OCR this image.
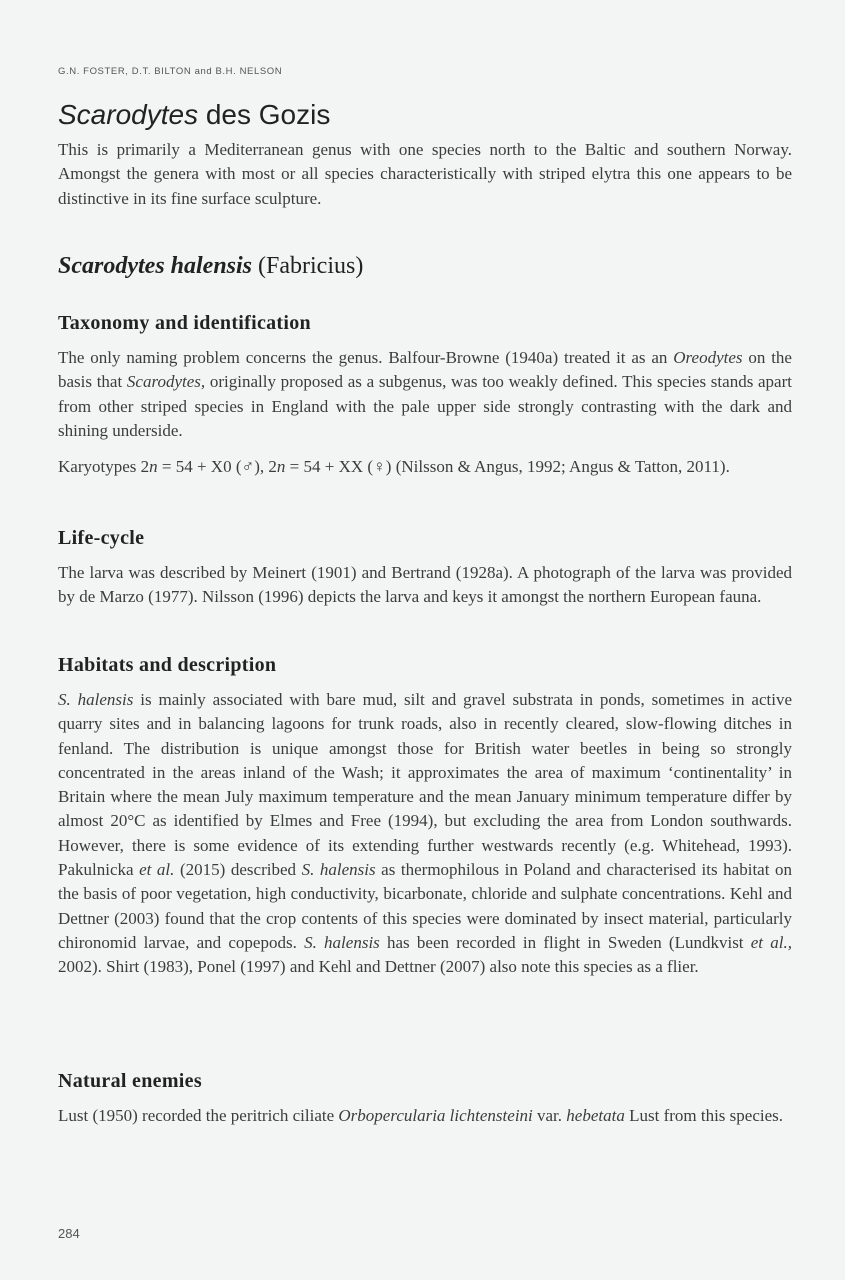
G.N. FOSTER, D.T. BILTON and B.H. NELSON
Scarodytes des Gozis

This is primarily a Mediterranean genus with one species north to the Baltic and southern Norway. Amongst the genera with most or all species characteristically with striped elytra this one appears to be distinctive in its fine surface sculpture.

Scarodytes halensis (Fabricius)
Taxonomy and identification

The only naming problem concerns the genus. Balfour-Browne (1940a) treated it as an Oreodytes on the basis that Scarodytes, originally proposed as a subgenus, was too weakly defined. This species stands apart from other striped species in England with the pale upper side strongly contrasting with the dark and shining underside.

Karyotypes 2n = 54 + X0 (♂), 2n = 54 + XX (♀) (Nilsson & Angus, 1992; Angus & Tatton, 2011).

Life-cycle

The larva was described by Meinert (1901) and Bertrand (1928a). A photograph of the larva was provided by de Marzo (1977). Nilsson (1996) depicts the larva and keys it amongst the northern European fauna.

Habitats and description

S. halensis is mainly associated with bare mud, silt and gravel substrata in ponds, sometimes in active quarry sites and in balancing lagoons for trunk roads, also in recently cleared, slow-flowing ditches in fenland. The distribution is unique amongst those for British water beetles in being so strongly concentrated in the areas inland of the Wash; it approximates the area of maximum ‘continentality’ in Britain where the mean July maximum temperature and the mean January minimum temperature differ by almost 20°C as identified by Elmes and Free (1994), but excluding the area from London southwards. However, there is some evidence of its extending further westwards recently (e.g. Whitehead, 1993). Pakulnicka et al. (2015) described S. halensis as thermophilous in Poland and characterised its habitat on the basis of poor vegetation, high conductivity, bicarbonate, chloride and sulphate concentrations. Kehl and Dettner (2003) found that the crop contents of this species were dominated by insect material, particularly chironomid larvae, and copepods. S. halensis has been recorded in flight in Sweden (Lundkvist et al., 2002). Shirt (1983), Ponel (1997) and Kehl and Dettner (2007) also note this species as a flier.

Natural enemies

Lust (1950) recorded the peritrich ciliate Orbopercularia lichtensteini var. hebetata Lust from this species.

284
